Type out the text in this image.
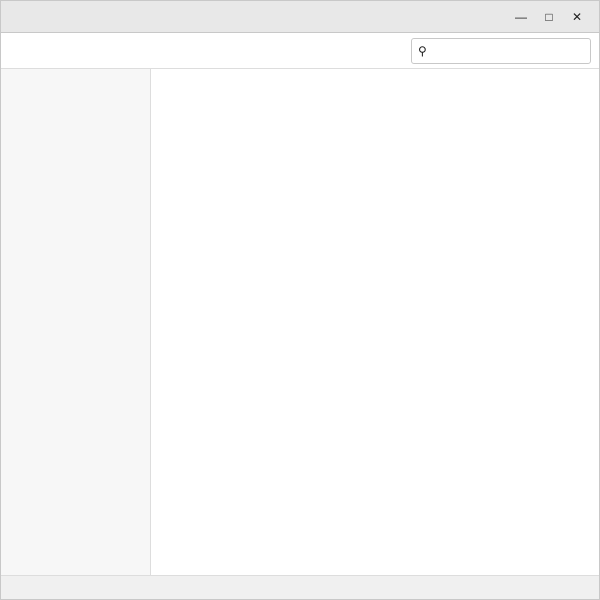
—	□	✕
⚲
